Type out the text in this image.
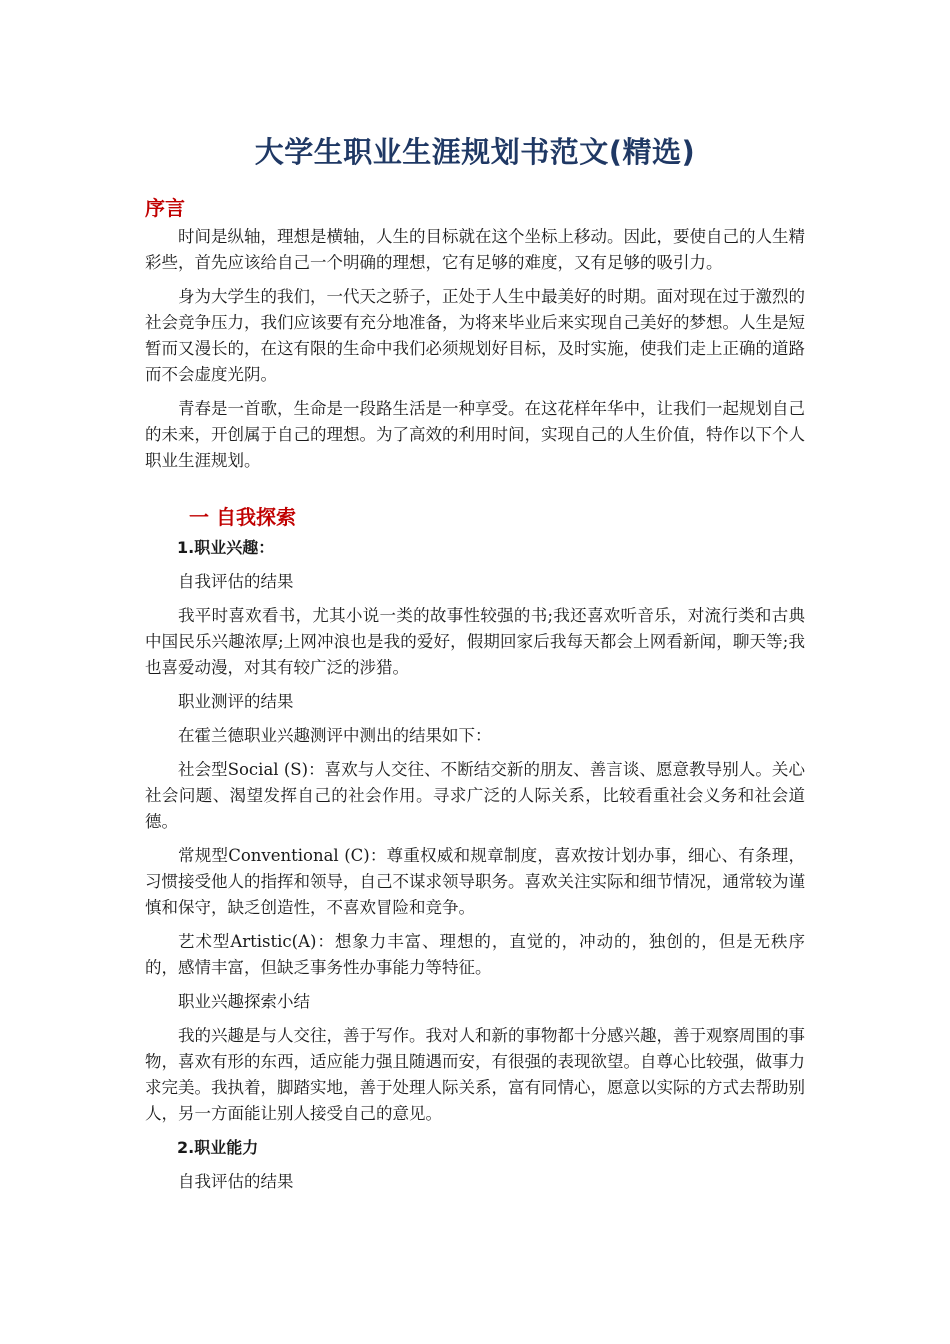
大学生职业生涯规划书范文(精选)
序言

时间是纵轴，理想是横轴，人生的目标就在这个坐标上移动。因此，要使自己的人生精彩些，首先应该给自己一个明确的理想，它有足够的难度，又有足够的吸引力。

身为大学生的我们，一代天之骄子，正处于人生中最美好的时期。面对现在过于激烈的社会竞争压力，我们应该要有充分地准备，为将来毕业后来实现自己美好的梦想。人生是短暂而又漫长的，在这有限的生命中我们必须规划好目标，及时实施，使我们走上正确的道路而不会虚度光阴。

青春是一首歌，生命是一段路生活是一种享受。在这花样年华中，让我们一起规划自己的未来，开创属于自己的理想。为了高效的利用时间，实现自己的人生价值，特作以下个人职业生涯规划。

一 自我探索

1.职业兴趣：

自我评估的结果

我平时喜欢看书，尤其小说一类的故事性较强的书;我还喜欢听音乐，对流行类和古典中国民乐兴趣浓厚;上网冲浪也是我的爱好，假期回家后我每天都会上网看新闻，聊天等;我也喜爱动漫，对其有较广泛的涉猎。

职业测评的结果

在霍兰德职业兴趣测评中测出的结果如下：

社会型Social (S)：喜欢与人交往、不断结交新的朋友、善言谈、愿意教导别人。关心社会问题、渴望发挥自己的社会作用。寻求广泛的人际关系，比较看重社会义务和社会道德。

常规型Conventional (C)：尊重权威和规章制度，喜欢按计划办事，细心、有条理，习惯接受他人的指挥和领导，自己不谋求领导职务。喜欢关注实际和细节情况，通常较为谨慎和保守，缺乏创造性，不喜欢冒险和竞争。

艺术型Artistic(A)：想象力丰富、理想的，直觉的，冲动的，独创的，但是无秩序的，感情丰富，但缺乏事务性办事能力等特征。

职业兴趣探索小结

我的兴趣是与人交往，善于写作。我对人和新的事物都十分感兴趣，善于观察周围的事物，喜欢有形的东西，适应能力强且随遇而安，有很强的表现欲望。自尊心比较强，做事力求完美。我执着，脚踏实地，善于处理人际关系，富有同情心，愿意以实际的方式去帮助别人，另一方面能让别人接受自己的意见。

2.职业能力

自我评估的结果
